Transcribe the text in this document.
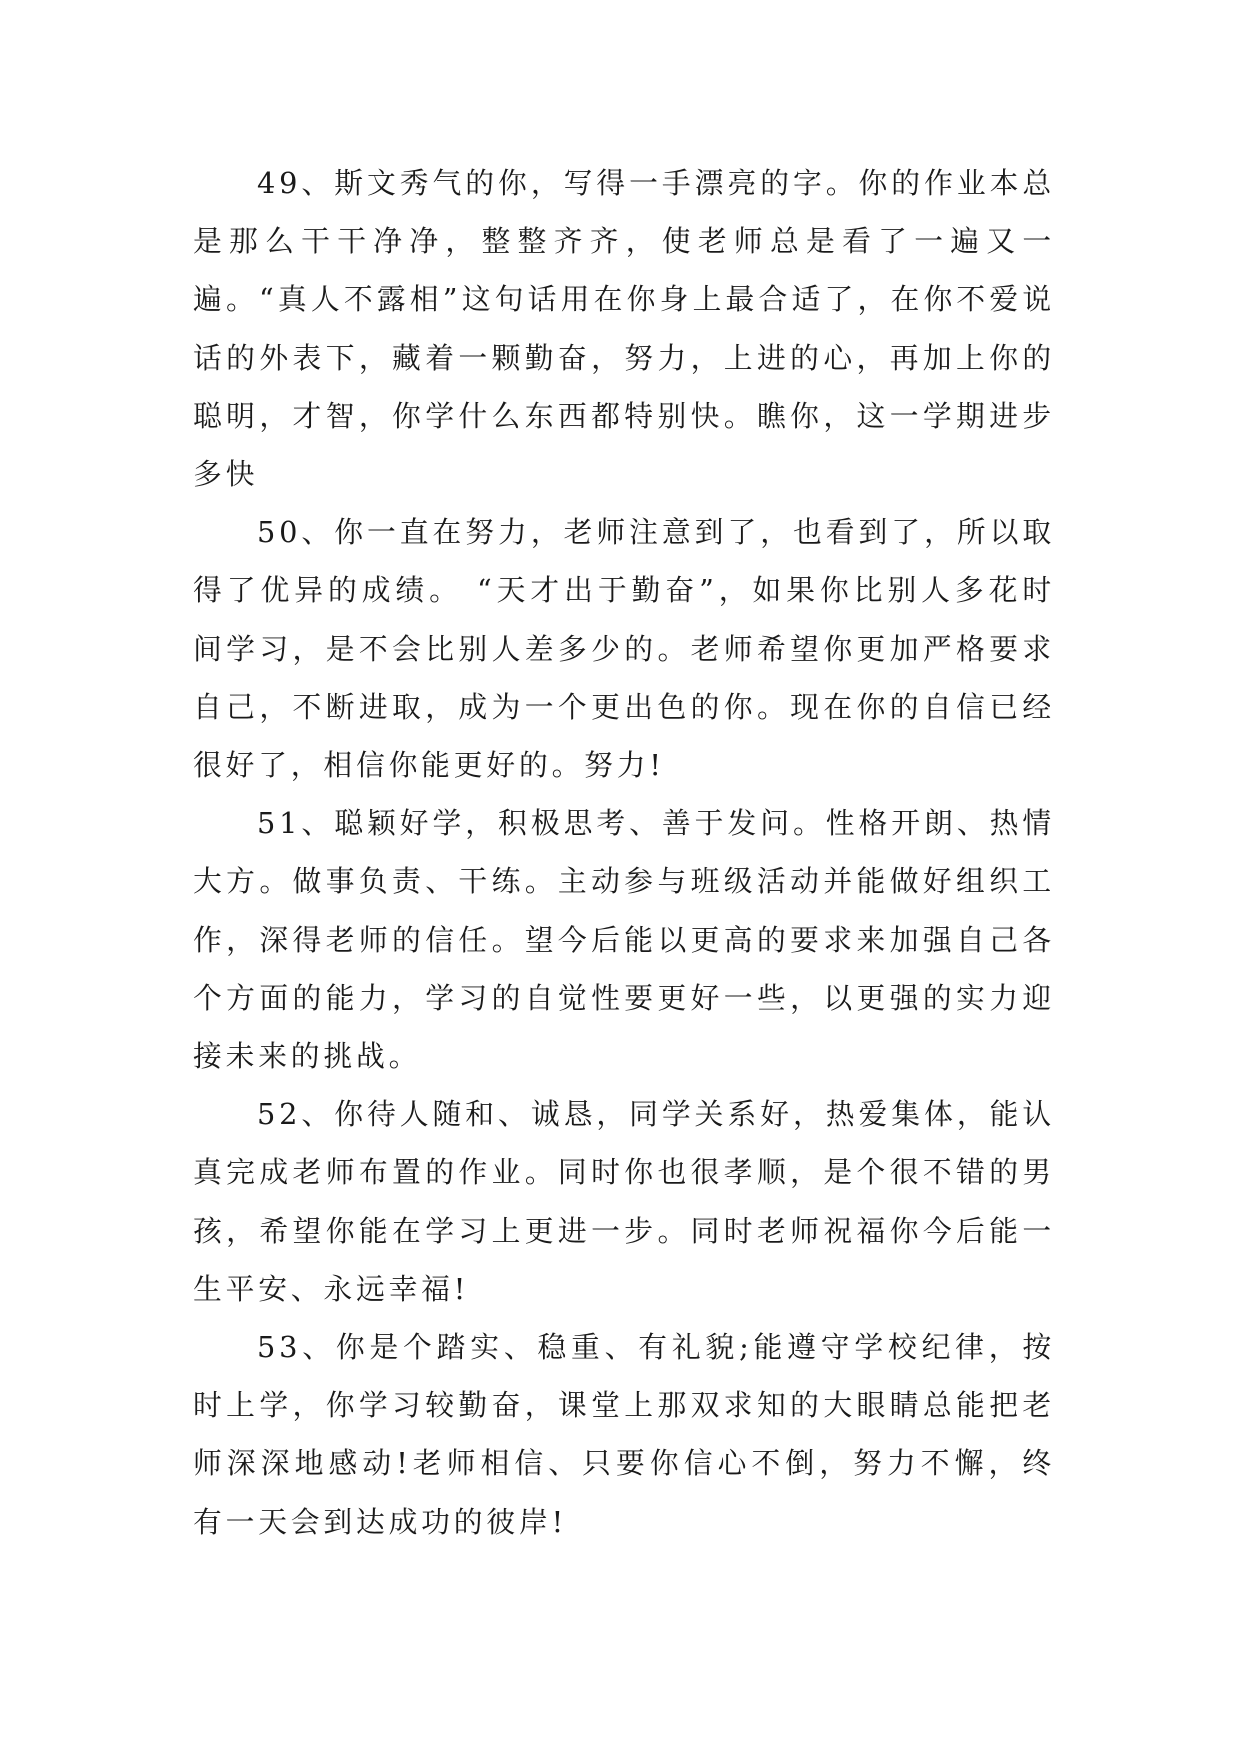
49、斯文秀气的你，写得一手漂亮的字。你的作业本总是那么干干净净，整整齐齐，使老师总是看了一遍又一遍。“真人不露相”这句话用在你身上最合适了，在你不爱说话的外表下，藏着一颗勤奋，努力，上进的心，再加上你的聪明，才智，你学什么东西都特别快。瞧你，这一学期进步多快

50、你一直在努力，老师注意到了，也看到了，所以取得了优异的成绩。 “天才出于勤奋”，如果你比别人多花时间学习，是不会比别人差多少的。老师希望你更加严格要求自己，不断进取，成为一个更出色的你。现在你的自信已经很好了，相信你能更好的。努力!

51、聪颖好学，积极思考、善于发问。性格开朗、热情大方。做事负责、干练。主动参与班级活动并能做好组织工作，深得老师的信任。望今后能以更高的要求来加强自己各个方面的能力，学习的自觉性要更好一些，以更强的实力迎接未来的挑战。

52、你待人随和、诚恳，同学关系好，热爱集体，能认真完成老师布置的作业。同时你也很孝顺，是个很不错的男孩，希望你能在学习上更进一步。同时老师祝福你今后能一生平安、永远幸福!

53、你是个踏实、稳重、有礼貌;能遵守学校纪律，按时上学，你学习较勤奋，课堂上那双求知的大眼睛总能把老师深深地感动!老师相信、只要你信心不倒，努力不懈，终有一天会到达成功的彼岸!
